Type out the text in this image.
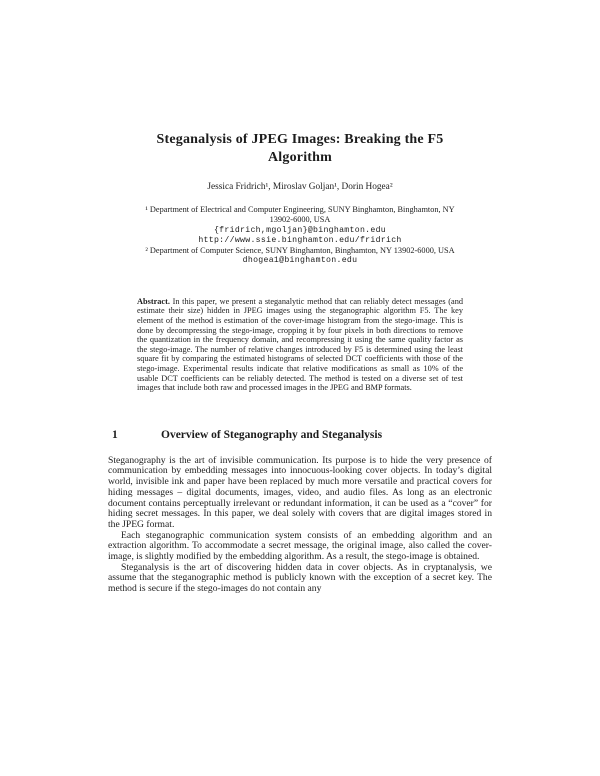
Steganalysis of JPEG Images: Breaking the F5
Algorithm
Jessica Fridrich¹, Miroslav Goljan¹, Dorin Hogea²
¹ Department of Electrical and Computer Engineering, SUNY Binghamton, Binghamton, NY 13902-6000, USA
{fridrich,mgoljan}@binghamton.edu
http://www.ssie.binghamton.edu/fridrich
² Department of Computer Science, SUNY Binghamton, Binghamton, NY 13902-6000, USA
dhogea1@binghamton.edu
Abstract. In this paper, we present a steganalytic method that can reliably detect messages (and estimate their size) hidden in JPEG images using the steganographic algorithm F5. The key element of the method is estimation of the cover-image histogram from the stego-image. This is done by decompressing the stego-image, cropping it by four pixels in both directions to remove the quantization in the frequency domain, and recompressing it using the same quality factor as the stego-image. The number of relative changes introduced by F5 is determined using the least square fit by comparing the estimated histograms of selected DCT coefficients with those of the stego-image. Experimental results indicate that relative modifications as small as 10% of the usable DCT coefficients can be reliably detected. The method is tested on a diverse set of test images that include both raw and processed images in the JPEG and BMP formats.
1	Overview of Steganography and Steganalysis

Steganography is the art of invisible communication. Its purpose is to hide the very presence of communication by embedding messages into innocuous-looking cover objects. In today’s digital world, invisible ink and paper have been replaced by much more versatile and practical covers for hiding messages – digital documents, images, video, and audio files. As long as an electronic document contains perceptually irrelevant or redundant information, it can be used as a “cover” for hiding secret messages. In this paper, we deal solely with covers that are digital images stored in the JPEG format.

Each steganographic communication system consists of an embedding algorithm and an extraction algorithm. To accommodate a secret message, the original image, also called the cover-image, is slightly modified by the embedding algorithm. As a result, the stego-image is obtained.

Steganalysis is the art of discovering hidden data in cover objects. As in cryptanalysis, we assume that the steganographic method is publicly known with the exception of a secret key. The method is secure if the stego-images do not contain any
